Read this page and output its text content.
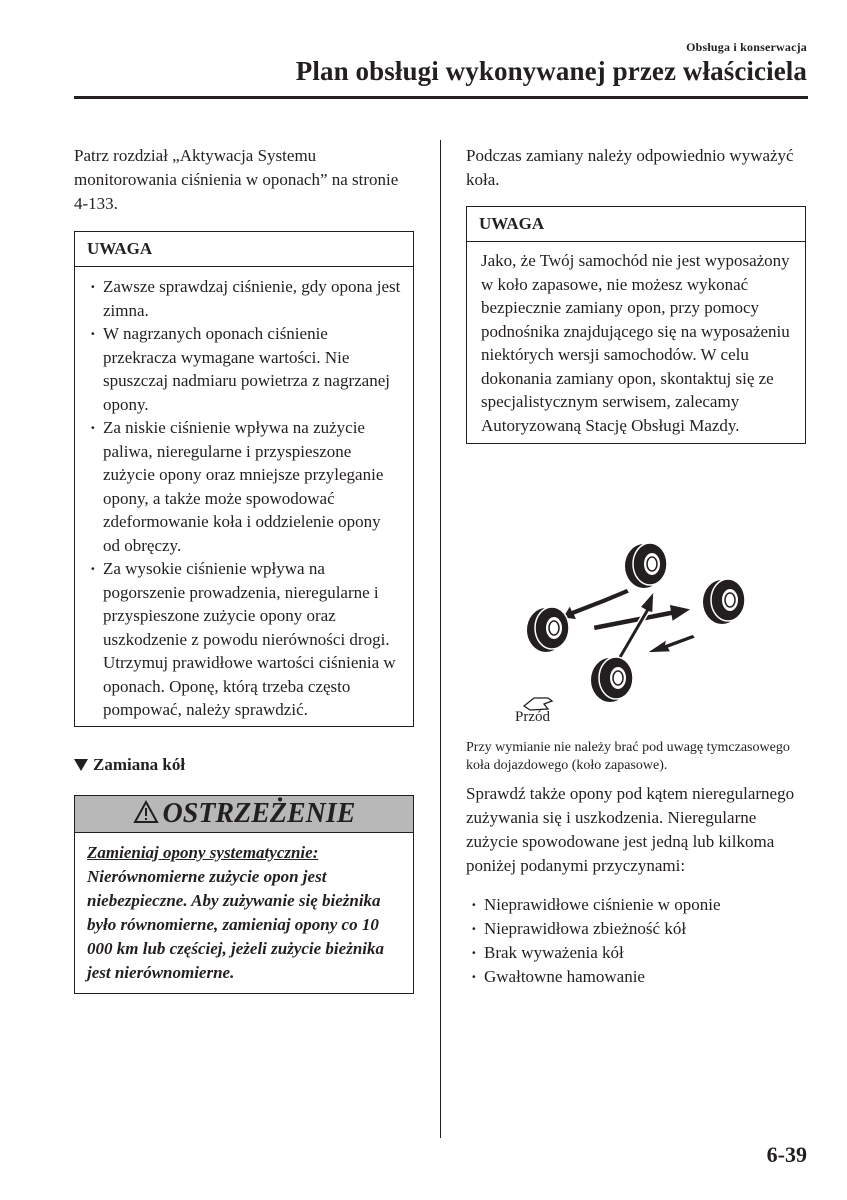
Obsługa i konserwacja
Plan obsługi wykonywanej przez właściciela

Patrz rozdział „Aktywacja Systemu monitorowania ciśnienia w oponach” na stronie 4-133.

UWAGA
· Zawsze sprawdzaj ciśnienie, gdy opona jest zimna.
· W nagrzanych oponach ciśnienie przekracza wymagane wartości. Nie spuszczaj nadmiaru powietrza z nagrzanej opony.
· Za niskie ciśnienie wpływa na zużycie paliwa, nieregularne i przyspieszone zużycie opony oraz mniejsze przyleganie opony, a także może spowodować zdeformowanie koła i oddzielenie opony od obręczy.
· Za wysokie ciśnienie wpływa na pogorszenie prowadzenia, nieregularne i przyspieszone zużycie opony oraz uszkodzenie z powodu nierówności drogi.
Utrzymuj prawidłowe wartości ciśnienia w oponach. Oponę, którą trzeba często pompować, należy sprawdzić.
Zamiana kół
OSTRZEŻENIE
Zamieniaj opony systematycznie:
Nierównomierne zużycie opon jest niebezpieczne. Aby zużywanie się bieżnika było równomierne, zamieniaj opony co 10 000 km lub częściej, jeżeli zużycie bieżnika jest nierównomierne.

Podczas zamiany należy odpowiednio wyważyć koła.

UWAGA
Jako, że Twój samochód nie jest wyposażony w koło zapasowe, nie możesz wykonać bezpiecznie zamiany opon, przy pomocy podnośnika znajdującego się na wyposażeniu niektórych wersji samochodów. W celu dokonania zamiany opon, skontaktuj się ze specjalistycznym serwisem, zalecamy Autoryzowaną Stację Obsługi Mazdy.
Przód
Przy wymianie nie należy brać pod uwagę tymczasowego koła dojazdowego (koło zapasowe).

Sprawdź także opony pod kątem nieregularnego zużywania się i uszkodzenia. Nieregularne zużycie spowodowane jest jedną lub kilkoma poniżej podanymi przyczynami:

· Nieprawidłowe ciśnienie w oponie
· Nieprawidłowa zbieżność kół
· Brak wyważenia kół
· Gwałtowne hamowanie
6-39
